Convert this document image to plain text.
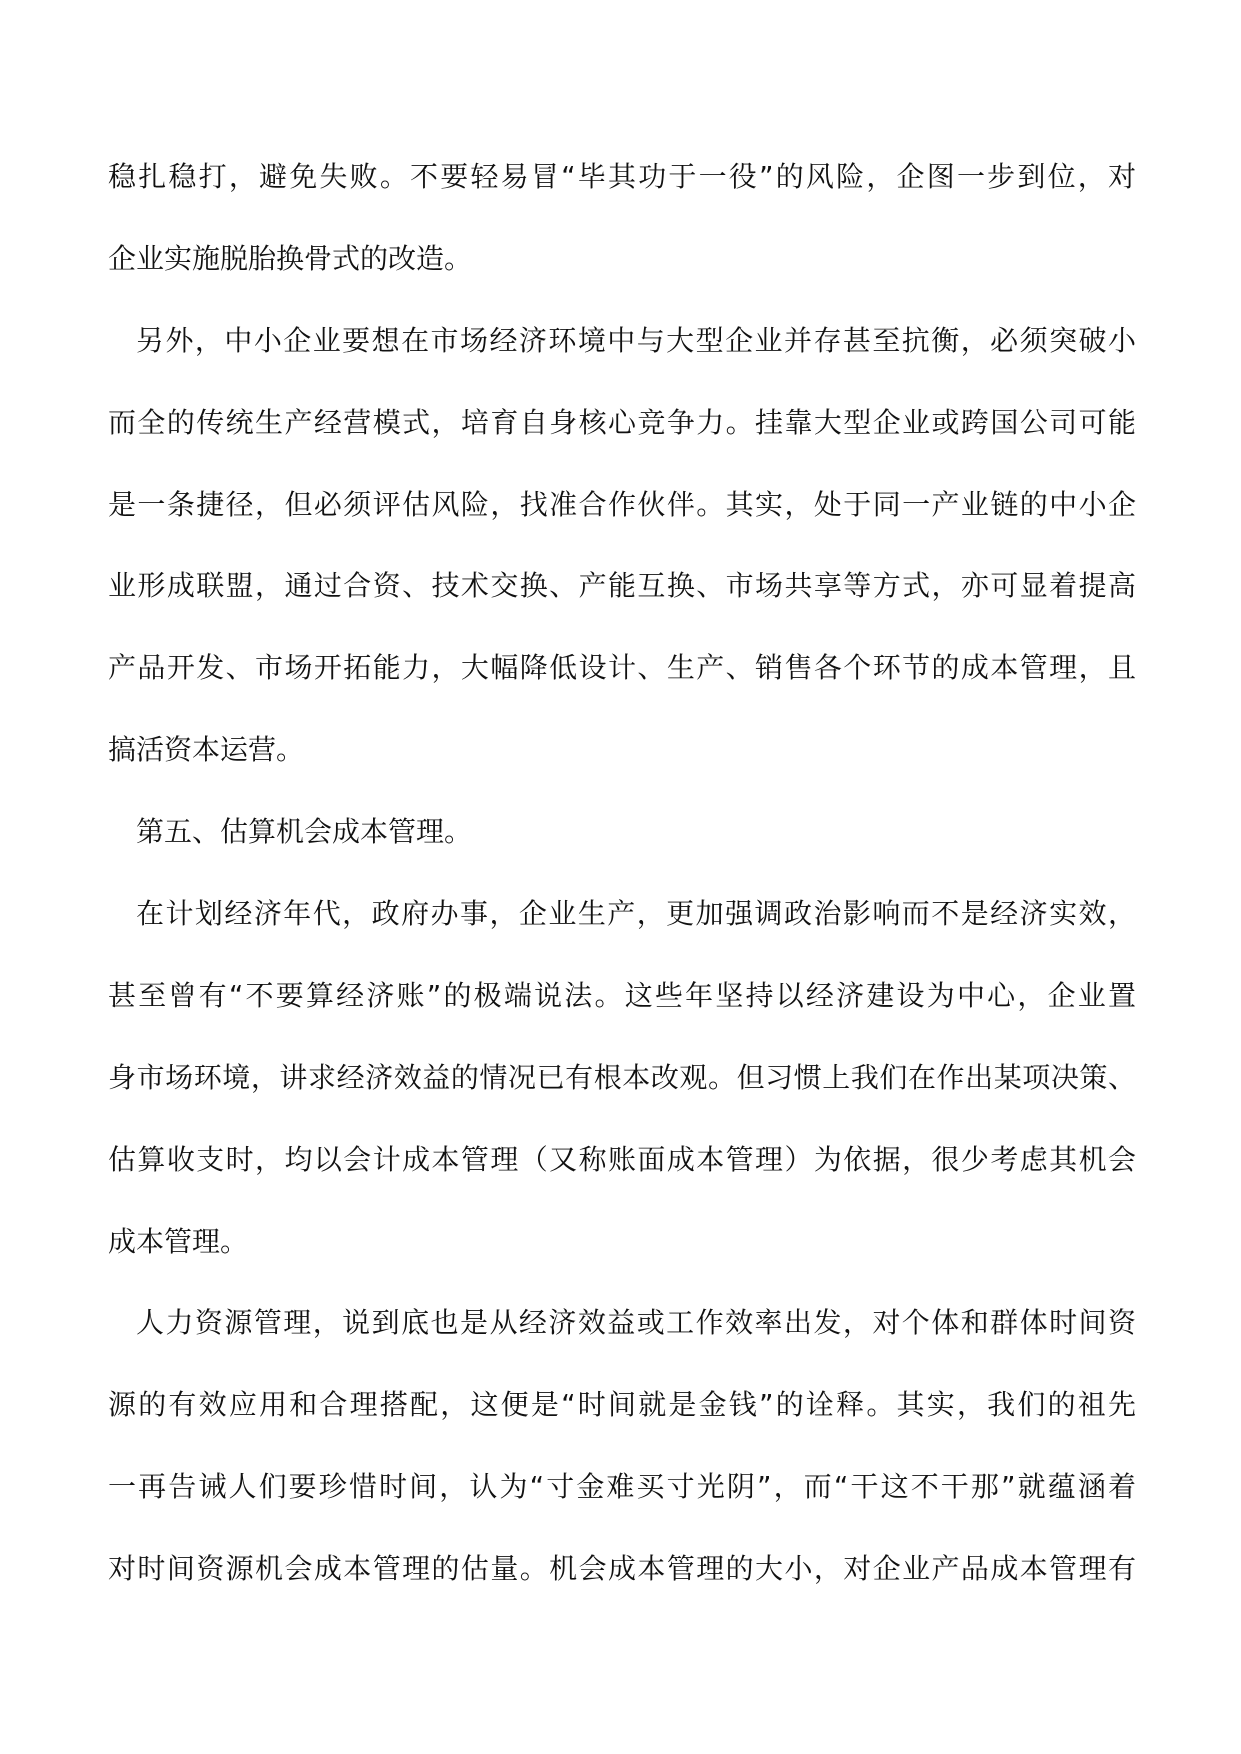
稳扎稳打，避免失败。不要轻易冒“毕其功于一役”的风险，企图一步到位，对
企业实施脱胎换骨式的改造。
另外，中小企业要想在市场经济环境中与大型企业并存甚至抗衡，必须突破小
而全的传统生产经营模式，培育自身核心竞争力。挂靠大型企业或跨国公司可能
是一条捷径，但必须评估风险，找准合作伙伴。其实，处于同一产业链的中小企
业形成联盟，通过合资、技术交换、产能互换、市场共享等方式，亦可显着提高
产品开发、市场开拓能力，大幅降低设计、生产、销售各个环节的成本管理，且
搞活资本运营。
第五、估算机会成本管理。
在计划经济年代，政府办事，企业生产，更加强调政治影响而不是经济实效，
甚至曾有“不要算经济账”的极端说法。这些年坚持以经济建设为中心，企业置
身市场环境，讲求经济效益的情况已有根本改观。但习惯上我们在作出某项决策、
估算收支时，均以会计成本管理（又称账面成本管理）为依据，很少考虑其机会
成本管理。
人力资源管理，说到底也是从经济效益或工作效率出发，对个体和群体时间资
源的有效应用和合理搭配，这便是“时间就是金钱”的诠释。其实，我们的祖先
一再告诫人们要珍惜时间，认为“寸金难买寸光阴”，而“干这不干那”就蕴涵着
对时间资源机会成本管理的估量。机会成本管理的大小，对企业产品成本管理有
